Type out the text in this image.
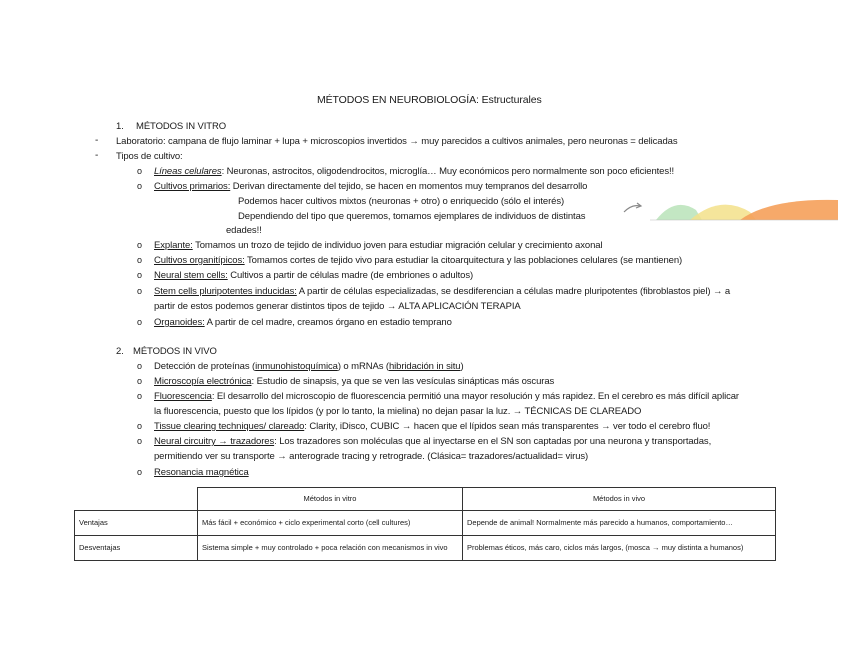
MÉTODOS EN NEUROBIOLOGÍA: Estructurales
1. MÉTODOS IN VITRO
- Laboratorio: campana de flujo laminar + lupa + microscopios invertidos → muy parecidos a cultivos animales, pero neuronas = delicadas
- Tipos de cultivo:
o Líneas celulares: Neuronas, astrocitos, oligodendrocitos, microglía… Muy económicos pero normalmente son poco eficientes!!
o Cultivos primarios: Derivan directamente del tejido, se hacen en momentos muy tempranos del desarrollo
Podemos hacer cultivos mixtos (neuronas + otro) o enriquecido (sólo el interés)
Dependiendo del tipo que queremos, tomamos ejemplares de individuos de distintas
edades!!
o Explante: Tomamos un trozo de tejido de individuo joven para estudiar migración celular y crecimiento axonal
o Cultivos organitípicos: Tomamos cortes de tejido vivo para estudiar la citoarquitectura y las poblaciones celulares (se mantienen)
o Neural stem cells: Cultivos a partir de células madre (de embriones o adultos)
o Stem cells pluripotentes inducidas: A partir de células especializadas, se desdiferencian a células madre pluripotentes (fibroblastos piel) → a
partir de estos podemos generar distintos tipos de tejido → ALTA APLICACIÓN TERAPIA
o Organoides: A partir de cel madre, creamos órgano en estadio temprano
2. MÉTODOS IN VIVO
o Detección de proteínas (inmunohistoquímica) o mRNAs (hibridación in situ)
o Microscopía electrónica: Estudio de sinapsis, ya que se ven las vesículas sinápticas más oscuras
o Fluorescencia: El desarrollo del microscopio de fluorescencia permitió una mayor resolución y más rapidez. En el cerebro es más difícil aplicar
la fluorescencia, puesto que los lípidos (y por lo tanto, la mielina) no dejan pasar la luz. → TÉCNICAS DE CLAREADO
o Tissue clearing techniques/ clareado: Clarity, iDisco, CUBIC → hacen que el lípidos sean más transparentes → ver todo el cerebro fluo!
o Neural circuitry → trazadores: Los trazadores son moléculas que al inyectarse en el SN son captadas por una neurona y transportadas,
permitiendo ver su transporte → anterograde tracing y retrograde. (Clásica= trazadores/actualidad= virus)
o Resonancia magnética
	Métodos in vitro	Métodos in vivo
Ventajas	Más fácil + económico + ciclo experimental corto (cell cultures)	Depende de animal! Normalmente más parecido a humanos, comportamiento…
Desventajas	Sistema simple + muy controlado + poca relación con mecanismos in vivo	Problemas éticos, más caro, ciclos más largos, (mosca → muy distinta a humanos)
